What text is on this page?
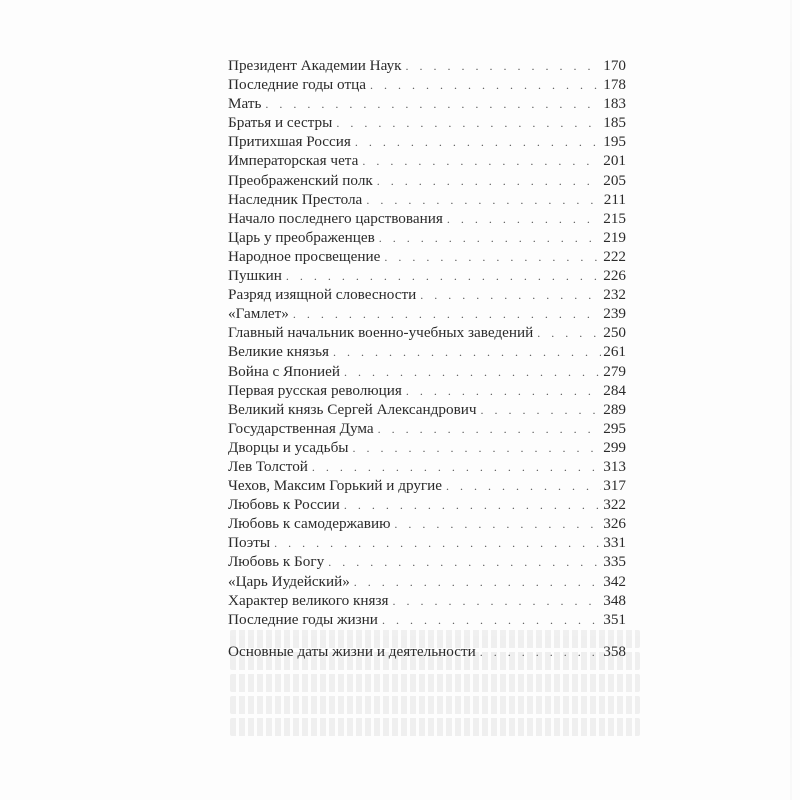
Президент Академии Наук . . .	170
Последние годы отца . . .	178
Мать . . .	183
Братья и сестры . . .	185
Притихшая Россия . . .	195
Императорская чета . . .	201
Преображенский полк . . .	205
Наследник Престола . . .	211
Начало последнего царствования . . .	215
Царь у преображенцев . . .	219
Народное просвещение . . .	222
Пушкин . . .	226
Разряд изящной словесности . . .	232
«Гамлет» . . .	239
Главный начальник военно-учебных заведений . . .	250
Великие князья . . .	261
Война с Японией . . .	279
Первая русская революция . . .	284
Великий князь Сергей Александрович . . .	289
Государственная Дума . . .	295
Дворцы и усадьбы . . .	299
Лев Толстой . . .	313
Чехов, Максим Горький и другие . . .	317
Любовь к России . . .	322
Любовь к самодержавию . . .	326
Поэты . . .	331
Любовь к Богу . . .	335
«Царь Иудейский» . . .	342
Характер великого князя . . .	348
Последние годы жизни . . .	351
Основные даты жизни и деятельности . . .	358
